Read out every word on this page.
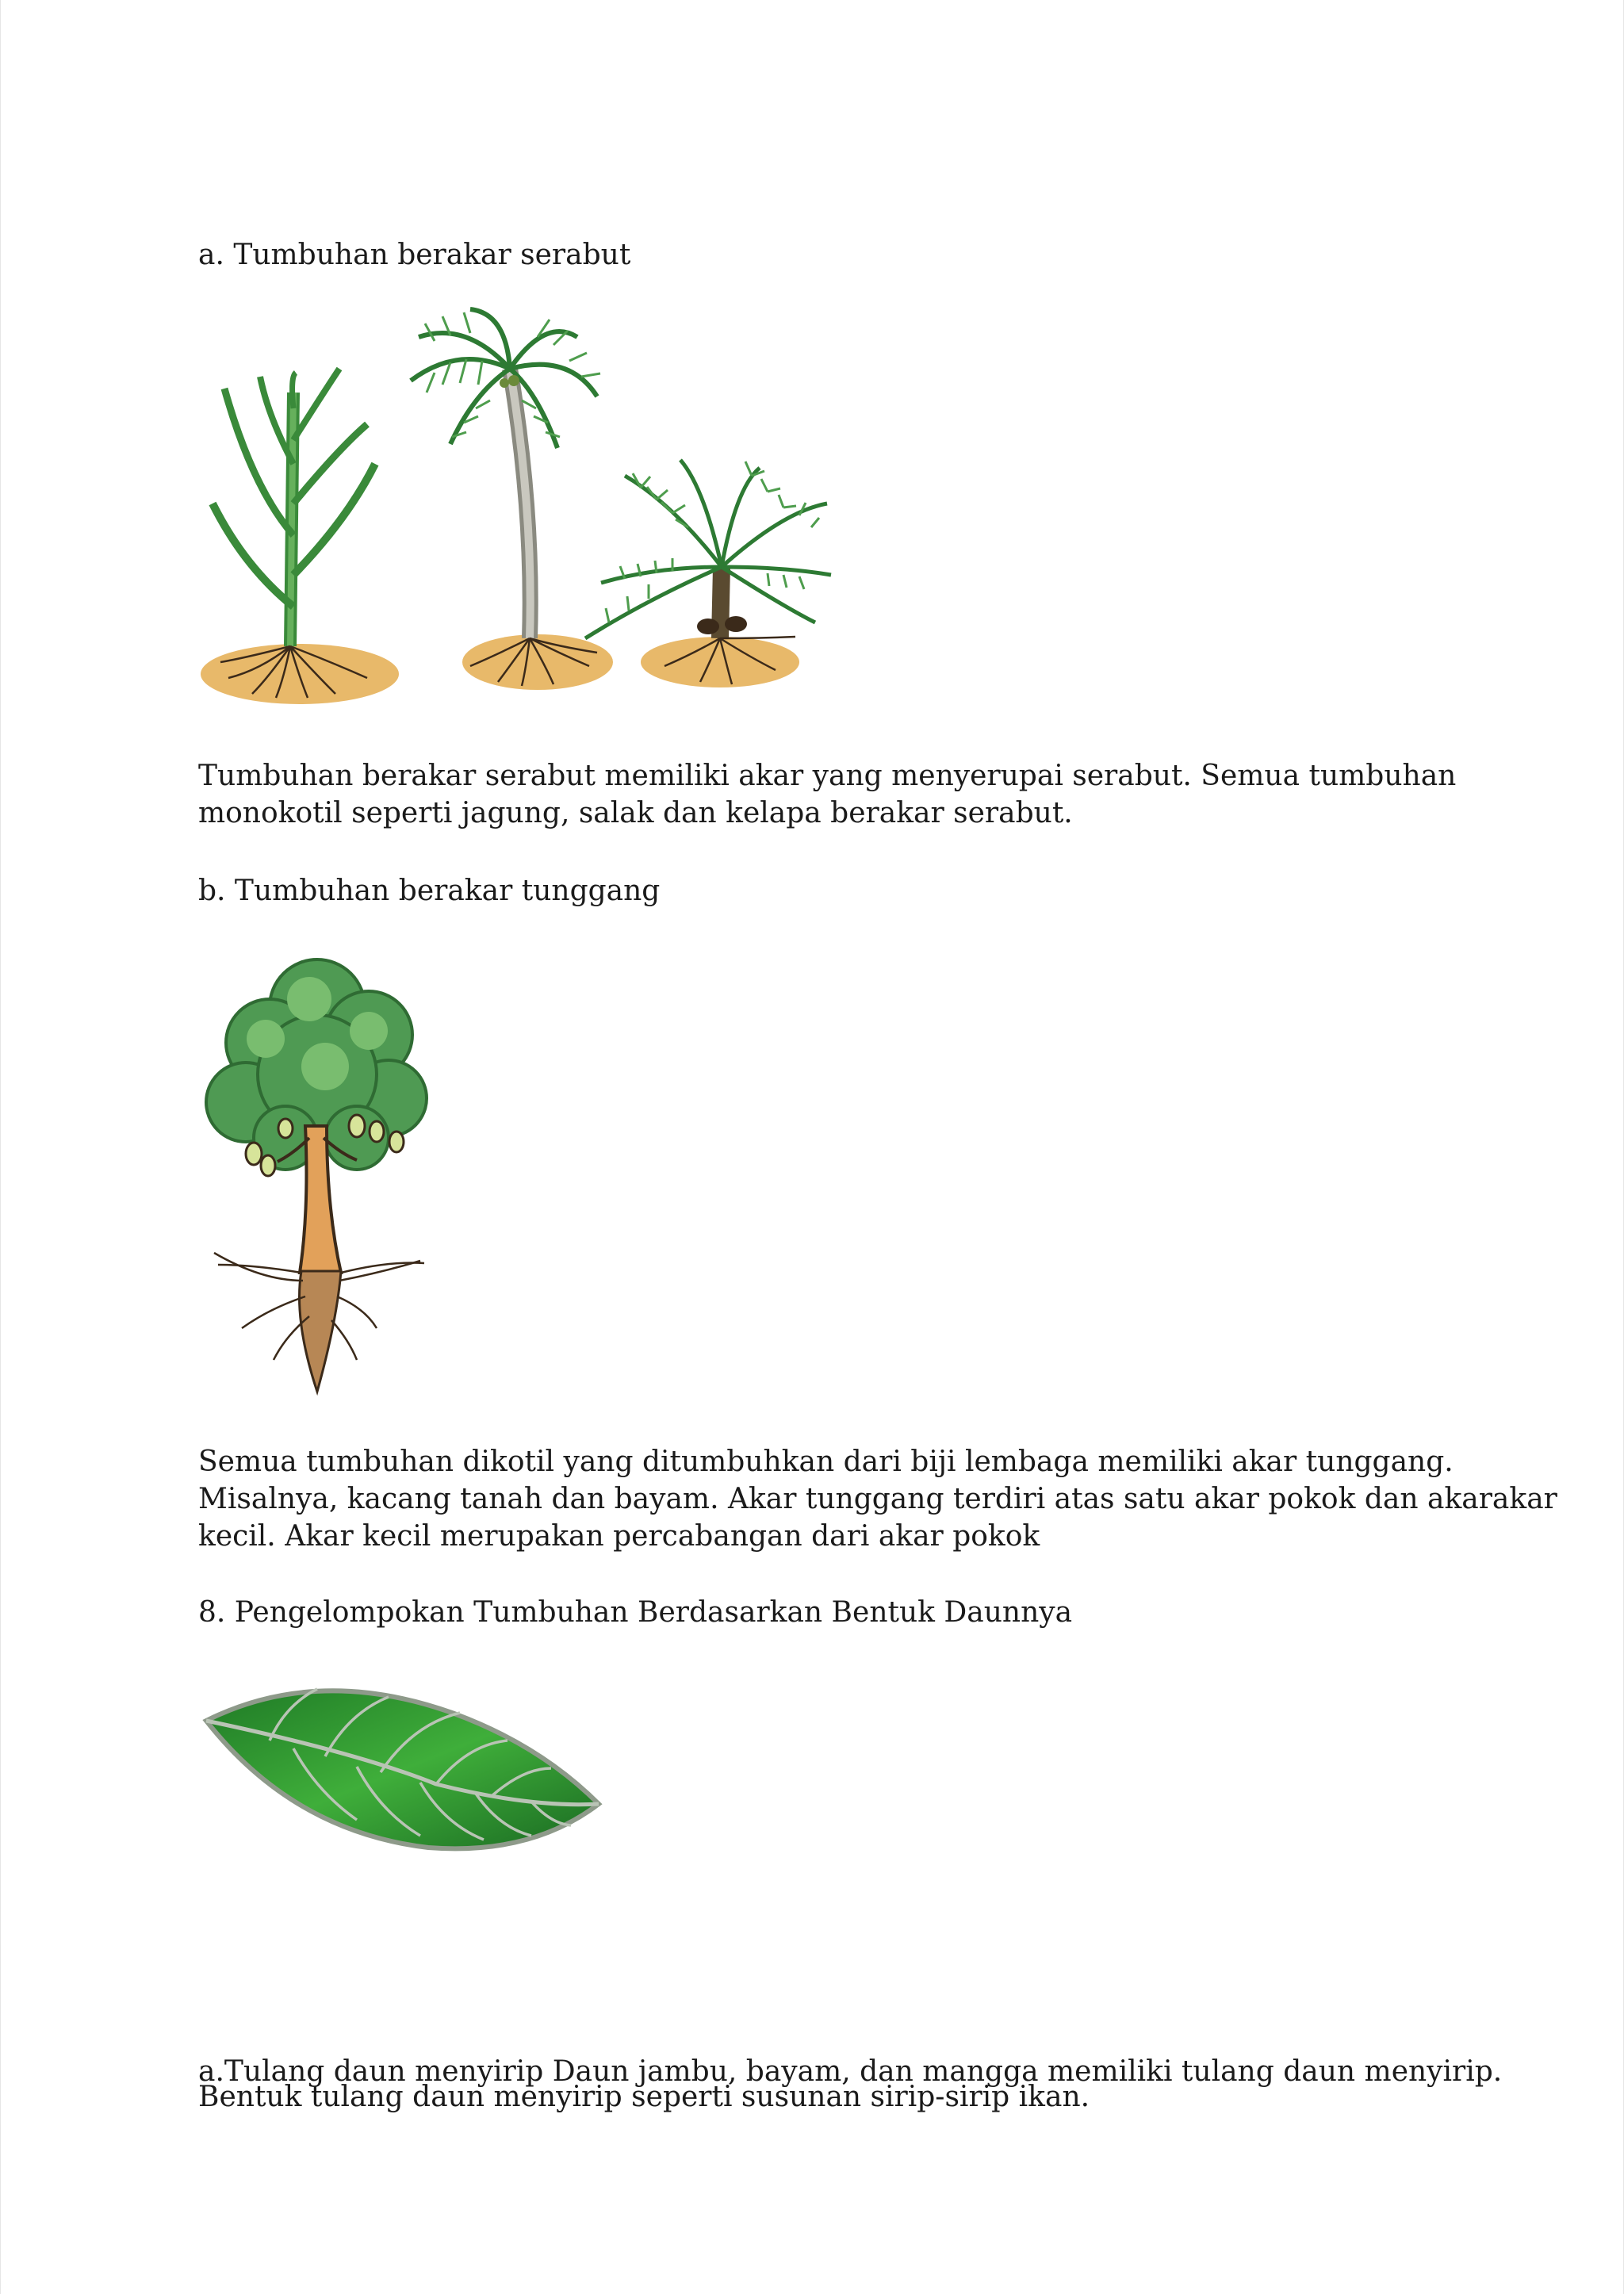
a. Tumbuhan berakar serabut

Tumbuhan berakar serabut memiliki akar yang menyerupai serabut. Semua tumbuhan
monokotil seperti jagung, salak dan kelapa berakar serabut.

b. Tumbuhan berakar tunggang

Semua tumbuhan dikotil yang ditumbuhkan dari biji lembaga memiliki akar tunggang.
Misalnya, kacang tanah dan bayam. Akar tunggang terdiri atas satu akar pokok dan akarakar
kecil. Akar kecil merupakan percabangan dari akar pokok

8. Pengelompokan Tumbuhan Berdasarkan Bentuk Daunnya

a.Tulang daun menyirip Daun jambu, bayam, dan mangga memiliki tulang daun menyirip.
Bentuk tulang daun menyirip seperti susunan sirip-sirip ikan.
